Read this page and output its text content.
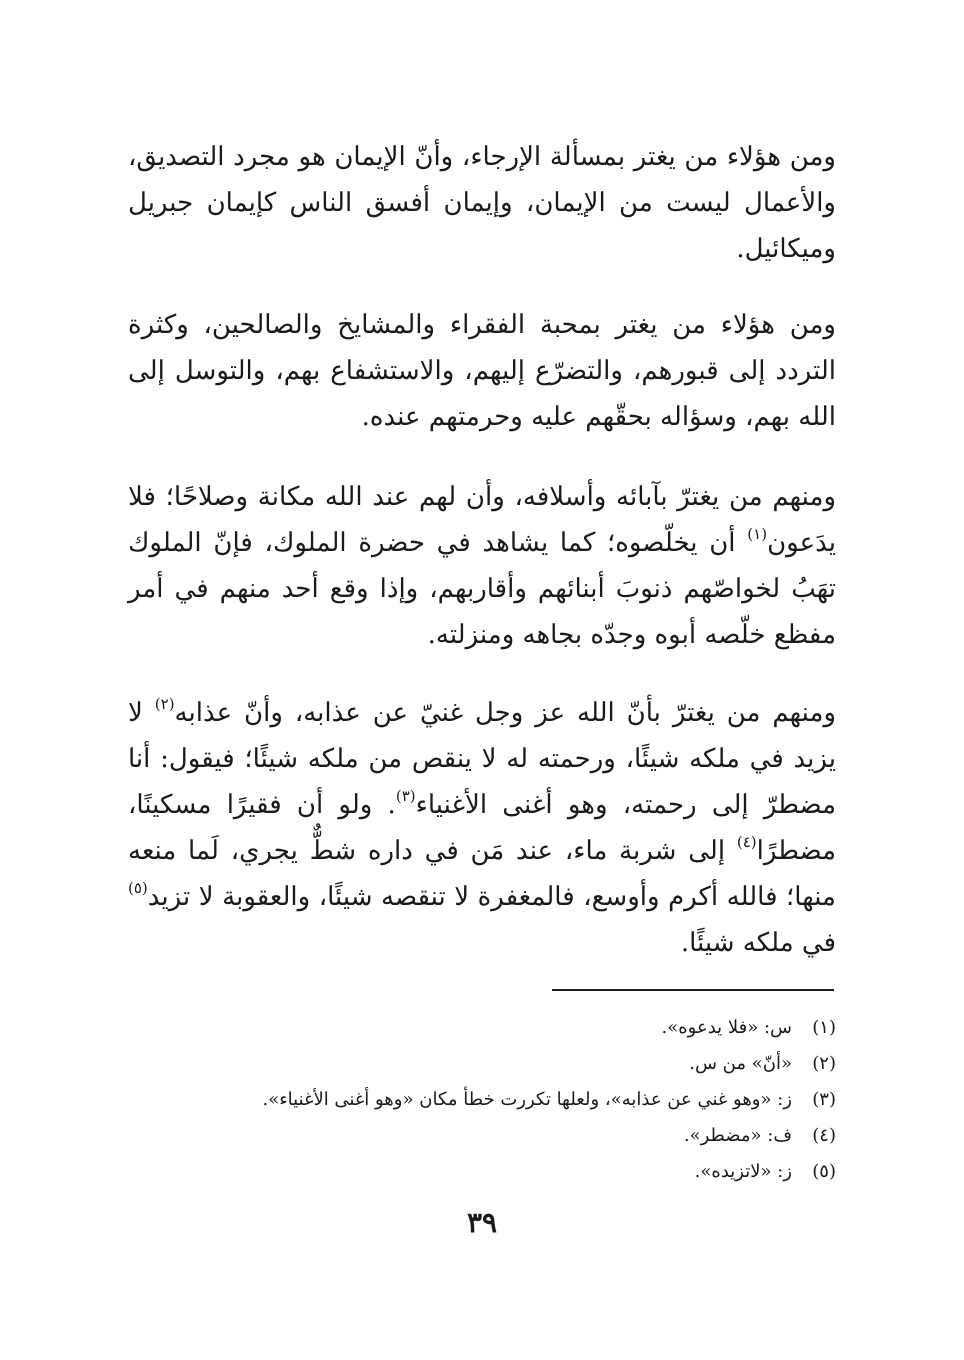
ومن هؤلاء من يغتر بمسألة الإرجاء، وأنّ الإيمان هو مجرد التصديق، والأعمال ليست من الإيمان، وإيمان أفسق الناس كإيمان جبريل وميكائيل.

ومن هؤلاء من يغتر بمحبة الفقراء والمشايخ والصالحين، وكثرة التردد إلى قبورهم، والتضرّع إليهم، والاستشفاع بهم، والتوسل إلى الله بهم، وسؤاله بحقّهم عليه وحرمتهم عنده.

ومنهم من يغترّ بآبائه وأسلافه، وأن لهم عند الله مكانة وصلاحًا؛ فلا يدَعون$^{(١)}$ أن يخلّصوه؛ كما يشاهد في حضرة الملوك، فإنّ الملوك تهَبُ لخواصّهم ذنوبَ أبنائهم وأقاربهم، وإذا وقع أحد منهم في أمر مفظع خلّصه أبوه وجدّه بجاهه ومنزلته.

ومنهم من يغترّ بأنّ الله عز وجل غنيّ عن عذابه، وأنّ عذابه$^{(٢)}$ لا يزيد في ملكه شيئًا، ورحمته له لا ينقص من ملكه شيئًا؛ فيقول: أنا مضطرّ إلى رحمته، وهو أغنى الأغنياء$^{(٣)}$. ولو أن فقيرًا مسكينًا، مضطرًا$^{(٤)}$ إلى شربة ماء، عند مَن في داره شطٌّ يجري، لَما منعه منها؛ فالله أكرم وأوسع، فالمغفرة لا تنقصه شيئًا، والعقوبة لا تزيد$^{(٥)}$ في ملكه شيئًا.

(١)س: «فلا يدعوه».
(٢)«أنّ» من س.
(٣)ز: «وهو غني عن عذابه»، ولعلها تكررت خطأ مكان «وهو أغنى الأغنياء».
(٤)ف: «مضطر».
(٥)ز: «لاتزيده».
٣٩
